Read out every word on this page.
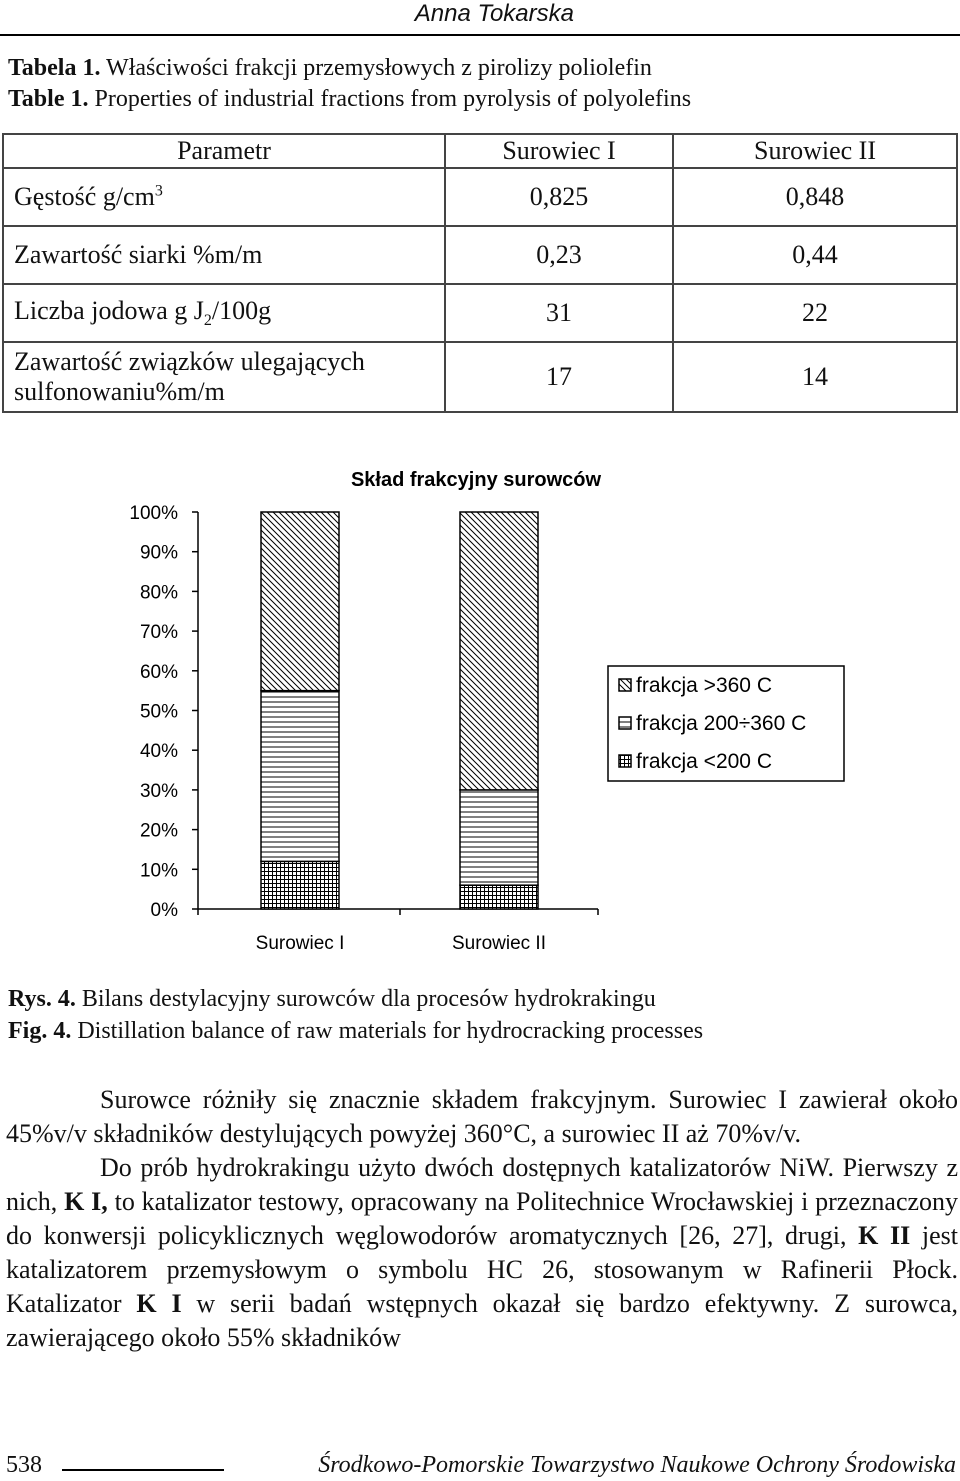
Anna Tokarska
Tabela 1. Właściwości frakcji przemysłowych z pirolizy poliolefin
Table 1. Properties of industrial fractions from pyrolysis of polyolefins
Parametr	Surowiec I	Surowiec II
Gęstość $g/cm^3$	0,825	0,848
Zawartość siarki %m/m	0,23	0,44
Liczba jodowa g $J_2/100g$	31	22
Zawartość związków ulegających sulfonowaniu%m/m	17	14
Skład frakcyjny surowców
0%
10%
20%
30%
40%
50%
60%
70%
80%
90%
100%
Surowiec I	Surowiec II
frakcja >360 C
frakcja 200÷360 C
frakcja <200 C
Rys. 4. Bilans destylacyjny surowców dla procesów hydrokrakingu
Fig. 4. Distillation balance of raw materials for hydrocracking processes

Surowce różniły się znacznie składem frakcyjnym. Surowiec I zawierał około 45%v/v składników destylujących powyżej 360°C, a surowiec II aż 70%v/v.

Do prób hydrokrakingu użyto dwóch dostępnych katalizatorów NiW. Pierwszy z nich, K I, to katalizator testowy, opracowany na Politechnice Wrocławskiej i przeznaczony do konwersji policyklicznych węglowodorów aromatycznych [26, 27], drugi, K II jest katalizatorem przemysłowym o symbolu HC 26, stosowanym w Rafinerii Płock. Katalizator K I w serii badań wstępnych okazał się bardzo efektywny. Z surowca, zawierającego około 55% składników

538	Środkowo-Pomorskie Towarzystwo Naukowe Ochrony Środowiska
